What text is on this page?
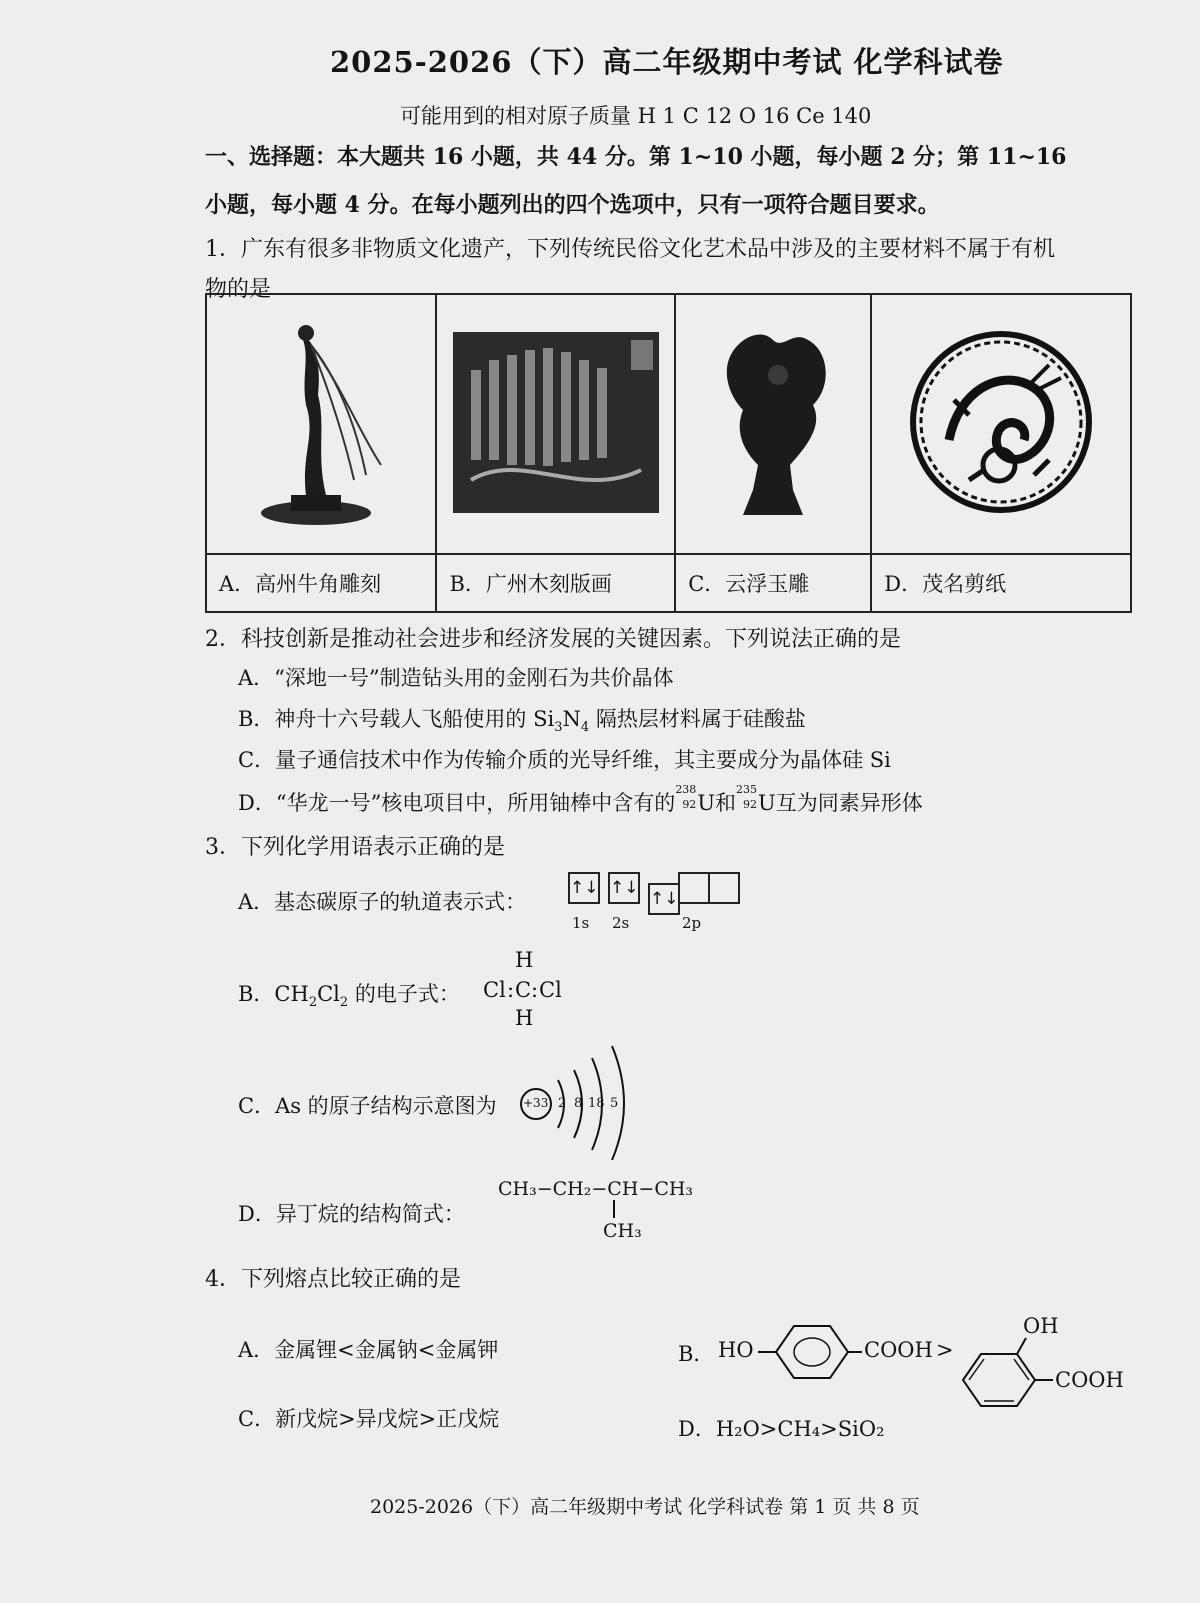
2025-2026（下）高二年级期中考试 化学科试卷
可能用到的相对原子质量 H 1 C 12 O 16 Ce 140
一、选择题：本大题共 16 小题，共 44 分。第 1~10 小题，每小题 2 分；第 11~16
小题，每小题 4 分。在每小题列出的四个选项中，只有一项符合题目要求。
1．广东有很多非物质文化遗产，下列传统民俗文化艺术品中涉及的主要材料不属于有机
物的是

A．高州牛角雕刻	B．广州木刻版画	C．云浮玉雕	D．茂名剪纸
2．科技创新是推动社会进步和经济发展的关键因素。下列说法正确的是
A．“深地一号”制造钻头用的金刚石为共价晶体
B．神舟十六号载人飞船使用的 $Si_3N_4$ 隔热层材料属于硅酸盐
C．量子通信技术中作为传输介质的光导纤维，其主要成分为晶体硅 Si
D．“华龙一号”核电项目中，所用铀棒中含有的
238
92 U和
235
92 U互为同素异形体
3．下列化学用语表示正确的是
A．基态碳原子的轨道表示式：
↑↓ ↑↓
↑↓
1s 2s	2p
B．$CH_2Cl_2$ 的电子式：
H
Cl : C : Cl
H
C．As 的原子结构示意图为 +33 2 8 18 5
D．异丁烷的结构简式：
CH₃−CH₂−CH−CH₃
CH₃
4．下列熔点比较正确的是
A．金属锂<金属钠<金属钾
C．新戊烷>异戊烷>正戊烷
B． HO	COOH >
OH
COOH
D．H₂O>CH₄>SiO₂
2025-2026（下）高二年级期中考试 化学科试卷 第 1 页 共 8 页
